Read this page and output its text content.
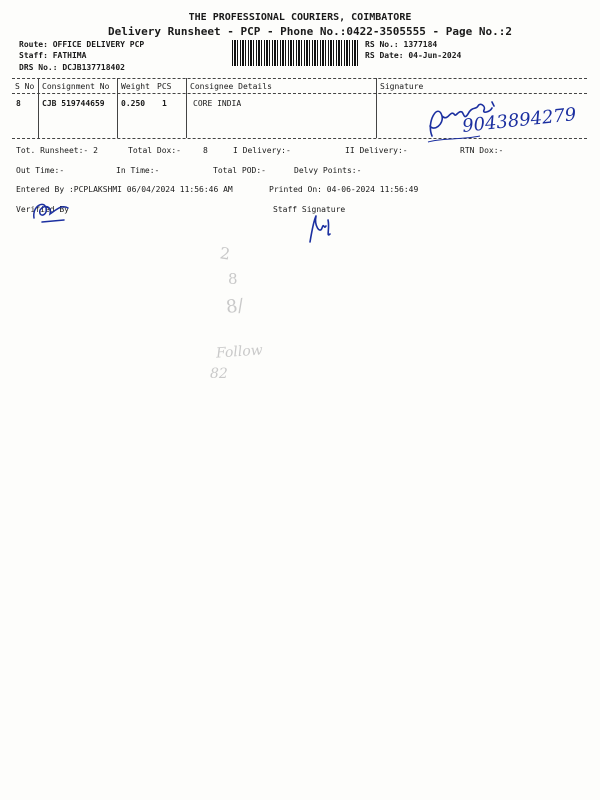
THE PROFESSIONAL COURIERS, COIMBATORE
Delivery Runsheet - PCP - Phone No.:0422-3505555 - Page No.:2
Route: OFFICE DELIVERY PCP
Staff: FATHIMA
DRS No.: DCJB137718402
RS No.: 1377184
RS Date: 04-Jun-2024
S No Consignment No Weight PCS Consignee Details	Signature
8	CJB 519744659 0.250 1	CORE INDIA
9043894279
Tot. Runsheet:- 2	Total Dox:-	8	I Delivery:-	II Delivery:-	RTN Dox:-
Out Time:-	In Time:-	Total POD:-	Delvy Points:-
Entered By :PCPLAKSHMI 06/04/2024 11:56:46 AM	Printed On: 04-06-2024 11:56:49
Verified By	Staff Signature
2
8
8/
Follow
82
